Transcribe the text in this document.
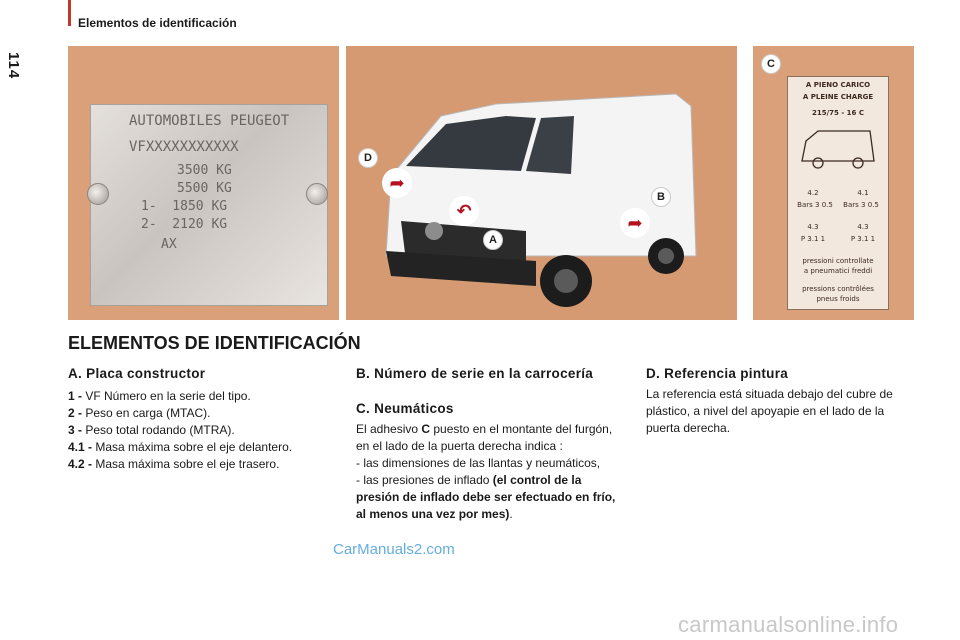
Elementos de identificación
114
AUTOMOBILES PEUGEOT
VFXXXXXXXXXXX
3500 KG
5500 KG
1-  1850 KG
2-  2120 KG
AX
D
➦
↶
A
➦
B
C
A PIENO CARICO
A PLEINE CHARGE
215/75 - 16 C
4.2	4.1
Bars 3 0.5	Bars 3 0.5
4.3	4.3
P 3.1 1	P 3.1 1
pressioni controllate
a pneumatici freddi
pressions contrôlées
pneus froids
ELEMENTOS DE IDENTIFICACIÓN
A. Placa constructor

1 - VF Número en la serie del tipo.

2 - Peso en carga (MTAC).

3 - Peso total rodando (MTRA).

4.1 - Masa máxima sobre el eje delantero.

4.2 - Masa máxima sobre el eje trasero.

B. Número de serie en la carrocería
C. Neumáticos

El adhesivo C puesto en el montante del furgón, en el lado de la puerta derecha indica :

- las dimensiones de las llantas y neumáticos,

- las presiones de inflado (el control de la presión de inflado debe ser efectuado en frío, al menos una vez por mes).

D. Referencia pintura
La referencia está situada debajo del cubre de plástico, a nivel del apoyapie en el lado de la puerta derecha.
CarManuals2.com
carmanualsonline.info
